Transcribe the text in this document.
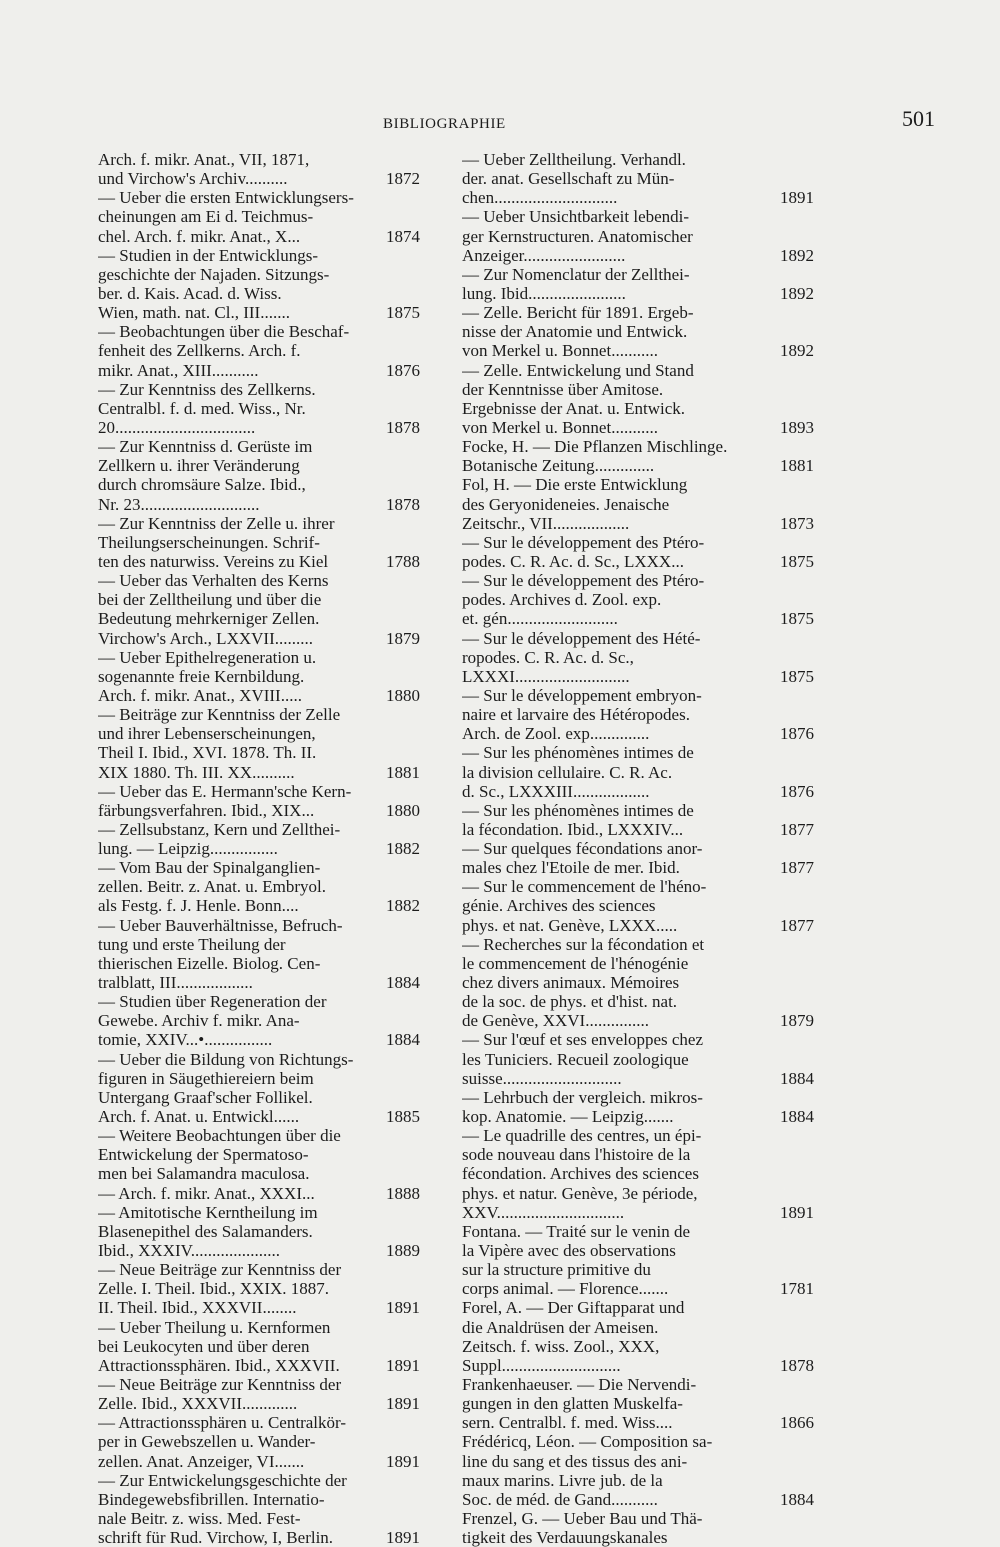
BIBLIOGRAPHIE	501
Arch. f. mikr. Anat., VII, 1871,
und Virchow's Archiv..........	1872
— Ueber die ersten Entwicklungsers-
cheinungen am Ei d. Teichmus-
chel. Arch. f. mikr. Anat., X...	1874
— Studien in der Entwicklungs-
geschichte der Najaden. Sitzungs-
ber. d. Kais. Acad. d. Wiss.
Wien, math. nat. Cl., III.......	1875
— Beobachtungen über die Beschaf-
fenheit des Zellkerns. Arch. f.
mikr. Anat., XIII...........	1876
— Zur Kenntniss des Zellkerns.
Centralbl. f. d. med. Wiss., Nr.
20.................................	1878
— Zur Kenntniss d. Gerüste im
Zellkern u. ihrer Veränderung
durch chromsäure Salze. Ibid.,
Nr. 23............................	1878
— Zur Kenntniss der Zelle u. ihrer
Theilungserscheinungen. Schrif-
ten des naturwiss. Vereins zu Kiel	1788
— Ueber das Verhalten des Kerns
bei der Zelltheilung und über die
Bedeutung mehrkerniger Zellen.
Virchow's Arch., LXXVII.........	1879
— Ueber Epithelregeneration u.
sogenannte freie Kernbildung.
Arch. f. mikr. Anat., XVIII.....	1880
— Beiträge zur Kenntniss der Zelle
und ihrer Lebenserscheinungen,
Theil I. Ibid., XVI. 1878. Th. II.
XIX 1880. Th. III. XX..........	1881
— Ueber das E. Hermann'sche Kern-
färbungsverfahren. Ibid., XIX...	1880
— Zellsubstanz, Kern und Zellthei-
lung. — Leipzig................	1882
— Vom Bau der Spinalganglien-
zellen. Beitr. z. Anat. u. Embryol.
als Festg. f. J. Henle. Bonn....	1882
— Ueber Bauverhältnisse, Befruch-
tung und erste Theilung der
thierischen Eizelle. Biolog. Cen-
tralblatt, III..................	1884
— Studien über Regeneration der
Gewebe. Archiv f. mikr. Ana-
tomie, XXIV...•................	1884
— Ueber die Bildung von Richtungs-
figuren in Säugethiereiern beim
Untergang Graaf'scher Follikel.
Arch. f. Anat. u. Entwickl......	1885
— Weitere Beobachtungen über die
Entwickelung der Spermatoso-
men bei Salamandra maculosa.
— Arch. f. mikr. Anat., XXXI...	1888
— Amitotische Kerntheilung im
Blasenepithel des Salamanders.
Ibid., XXXIV.....................	1889
— Neue Beiträge zur Kenntniss der
Zelle. I. Theil. Ibid., XXIX. 1887.
II. Theil. Ibid., XXXVII........	1891
— Ueber Theilung u. Kernformen
bei Leukocyten und über deren
Attractionssphären. Ibid., XXXVII.	1891
— Neue Beiträge zur Kenntniss der
Zelle. Ibid., XXXVII.............	1891
— Attractionssphären u. Centralkör-
per in Gewebszellen u. Wander-
zellen. Anat. Anzeiger, VI.......	1891
— Zur Entwickelungsgeschichte der
Bindegewebsfibrillen. Internatio-
nale Beitr. z. wiss. Med. Fest-
schrift für Rud. Virchow, I, Berlin.	1891
— Ueber Zelltheilung. Verhandl.
der. anat. Gesellschaft zu Mün-
chen.............................	1891
— Ueber Unsichtbarkeit lebendi-
ger Kernstructuren. Anatomischer
Anzeiger........................	1892
— Zur Nomenclatur der Zellthei-
lung. Ibid.......................	1892
— Zelle. Bericht für 1891. Ergeb-
nisse der Anatomie und Entwick.
von Merkel u. Bonnet...........	1892
— Zelle. Entwickelung und Stand
der Kenntnisse über Amitose.
Ergebnisse der Anat. u. Entwick.
von Merkel u. Bonnet...........	1893
Focke, H. — Die Pflanzen Mischlinge.
Botanische Zeitung..............	1881
Fol, H. — Die erste Entwicklung
des Geryonideneies. Jenaische
Zeitschr., VII..................	1873
— Sur le développement des Ptéro-
podes. C. R. Ac. d. Sc., LXXX...	1875
— Sur le développement des Ptéro-
podes. Archives d. Zool. exp.
et. gén..........................	1875
— Sur le développement des Hété-
ropodes. C. R. Ac. d. Sc.,
LXXXI...........................	1875
— Sur le développement embryon-
naire et larvaire des Hétéropodes.
Arch. de Zool. exp..............	1876
— Sur les phénomènes intimes de
la division cellulaire. C. R. Ac.
d. Sc., LXXXIII..................	1876
— Sur les phénomènes intimes de
la fécondation. Ibid., LXXXIV...	1877
— Sur quelques fécondations anor-
males chez l'Etoile de mer. Ibid.	1877
— Sur le commencement de l'héno-
génie. Archives des sciences
phys. et nat. Genève, LXXX.....	1877
— Recherches sur la fécondation et
le commencement de l'hénogénie
chez divers animaux. Mémoires
de la soc. de phys. et d'hist. nat.
de Genève, XXVI...............	1879
— Sur l'œuf et ses enveloppes chez
les Tuniciers. Recueil zoologique
suisse............................	1884
— Lehrbuch der vergleich. mikros-
kop. Anatomie. — Leipzig.......	1884
— Le quadrille des centres, un épi-
sode nouveau dans l'histoire de la
fécondation. Archives des sciences
phys. et natur. Genève, 3e période,
XXV..............................	1891
Fontana. — Traité sur le venin de
la Vipère avec des observations
sur la structure primitive du
corps animal. — Florence.......	1781
Forel, A. — Der Giftapparat und
die Analdrüsen der Ameisen.
Zeitsch. f. wiss. Zool., XXX,
Suppl............................	1878
Frankenhaeuser. — Die Nervendi-
gungen in den glatten Muskelfa-
sern. Centralbl. f. med. Wiss....	1866
Frédéricq, Léon. — Composition sa-
line du sang et des tissus des ani-
maux marins. Livre jub. de la
Soc. de méd. de Gand...........	1884
Frenzel, G. — Ueber Bau und Thä-
tigkeit des Verdauungskanales
